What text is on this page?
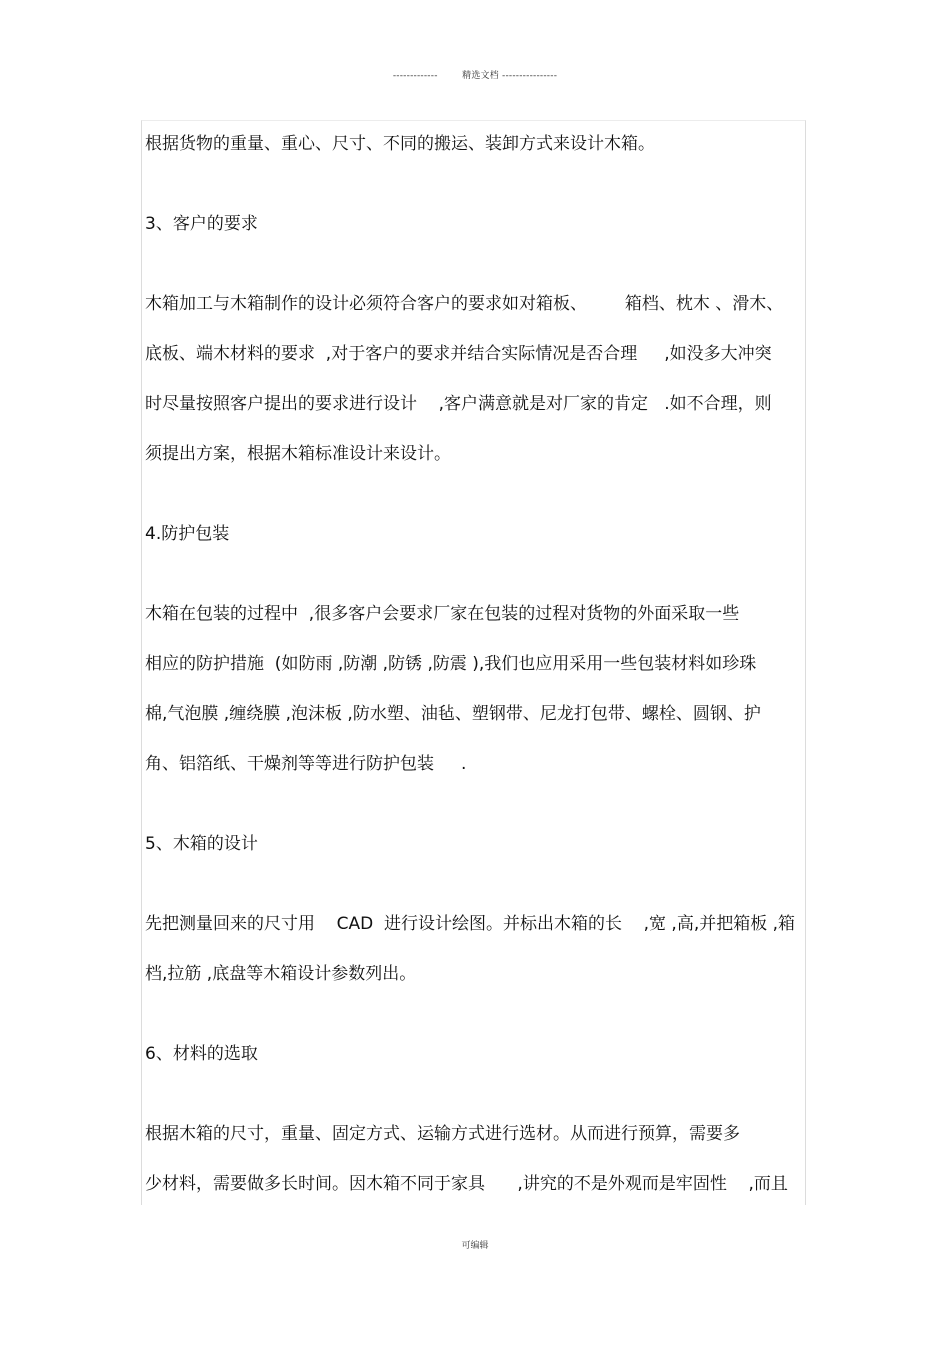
-------------        精选文档 ----------------
根据货物的重量、重心、尺寸、不同的搬运、装卸方式来设计木箱。
3、客户的要求
木箱加工与木箱制作的设计必须符合客户的要求如对箱板、       箱档、枕木 、滑木、
底板、端木材料的要求  ,对于客户的要求并结合实际情况是否合理     ,如没多大冲突
时尽量按照客户提出的要求进行设计    ,客户满意就是对厂家的肯定   .如不合理，则
须提出方案，根据木箱标准设计来设计。
4.防护包装
木箱在包装的过程中  ,很多客户会要求厂家在包装的过程对货物的外面采取一些
相应的防护措施  (如防雨 ,防潮 ,防锈 ,防震 ),我们也应用采用一些包装材料如珍珠
棉,气泡膜 ,缠绕膜 ,泡沫板 ,防水塑、油毡、塑钢带、尼龙打包带、螺栓、圆钢、护
角、铝箔纸、干燥剂等等进行防护包装     .
5、木箱的设计
先把测量回来的尺寸用    CAD  进行设计绘图。并标出木箱的长    ,宽 ,高,并把箱板 ,箱
档,拉筋 ,底盘等木箱设计参数列出。
6、材料的选取
根据木箱的尺寸，重量、固定方式、运输方式进行选材。从而进行预算，需要多
少材料，需要做多长时间。因木箱不同于家具      ,讲究的不是外观而是牢固性    ,而且
可编辑
